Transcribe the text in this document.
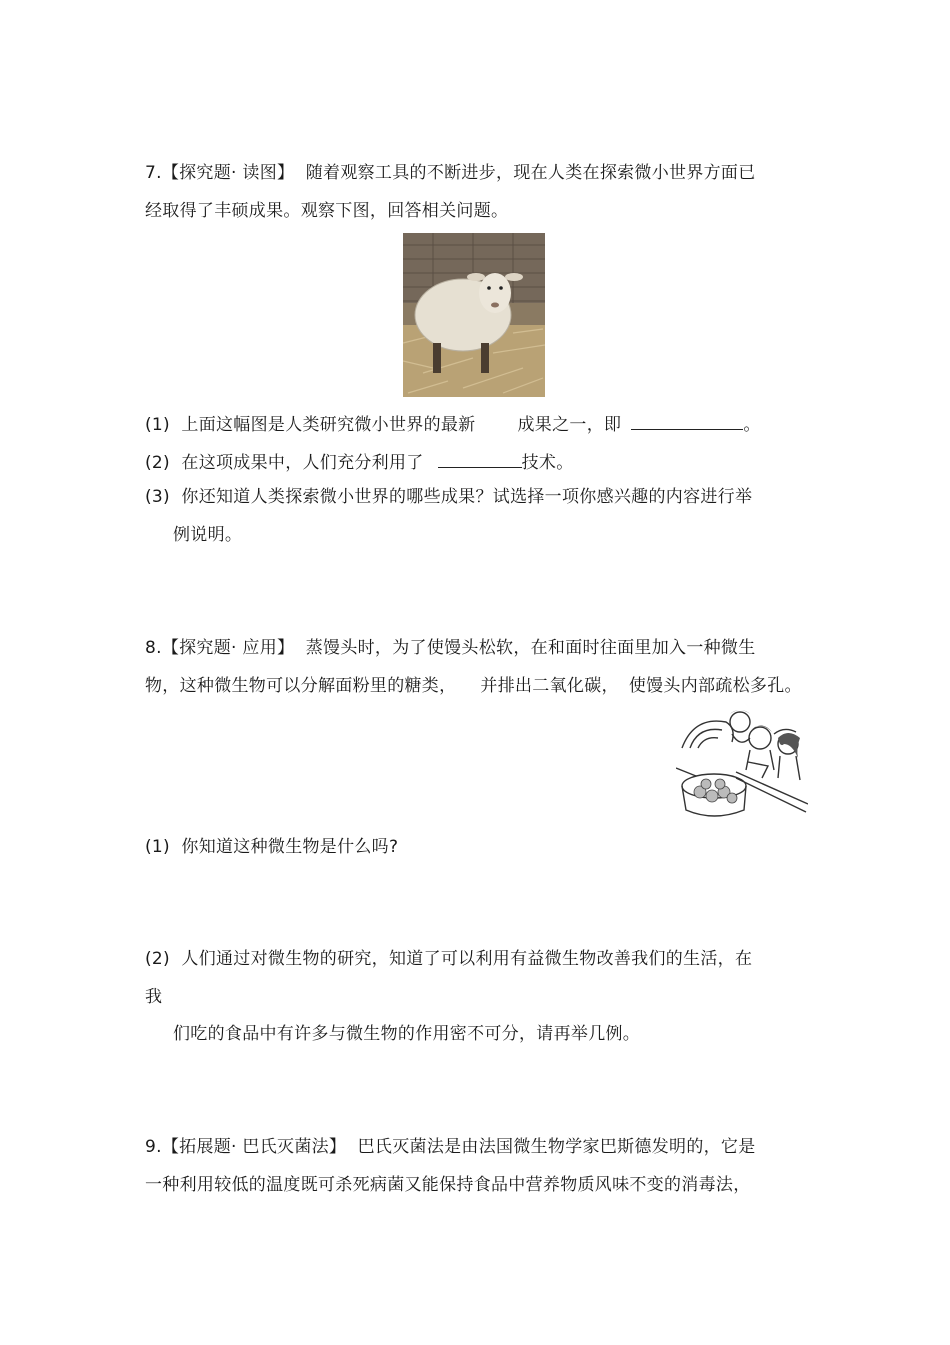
7.【探究题· 读图】  随着观察工具的不断进步，现在人类在探索微小世界方面已
经取得了丰硕成果。观察下图，回答相关问题。
(1)  上面这幅图是人类研究微小世界的最新 成果之一，即	。
(2)  在这项成果中，人们充分利用了	技术。
(3)  你还知道人类探索微小世界的哪些成果？试选择一项你感兴趣的内容进行举
例说明。
8.【探究题· 应用】  蒸馒头时，为了使馒头松软，在和面时往面里加入一种微生
物，这种微生物可以分解面粉里的糖类， 并排出二氧化碳， 使馒头内部疏松多孔。
(1)  你知道这种微生物是什么吗?
(2)  人们通过对微生物的研究，知道了可以利用有益微生物改善我们的生活，在
我
们吃的食品中有许多与微生物的作用密不可分，请再举几例。
9.【拓展题· 巴氏灭菌法】  巴氏灭菌法是由法国微生物学家巴斯德发明的，它是
一种利用较低的温度既可杀死病菌又能保持食品中营养物质风味不变的消毒法，
